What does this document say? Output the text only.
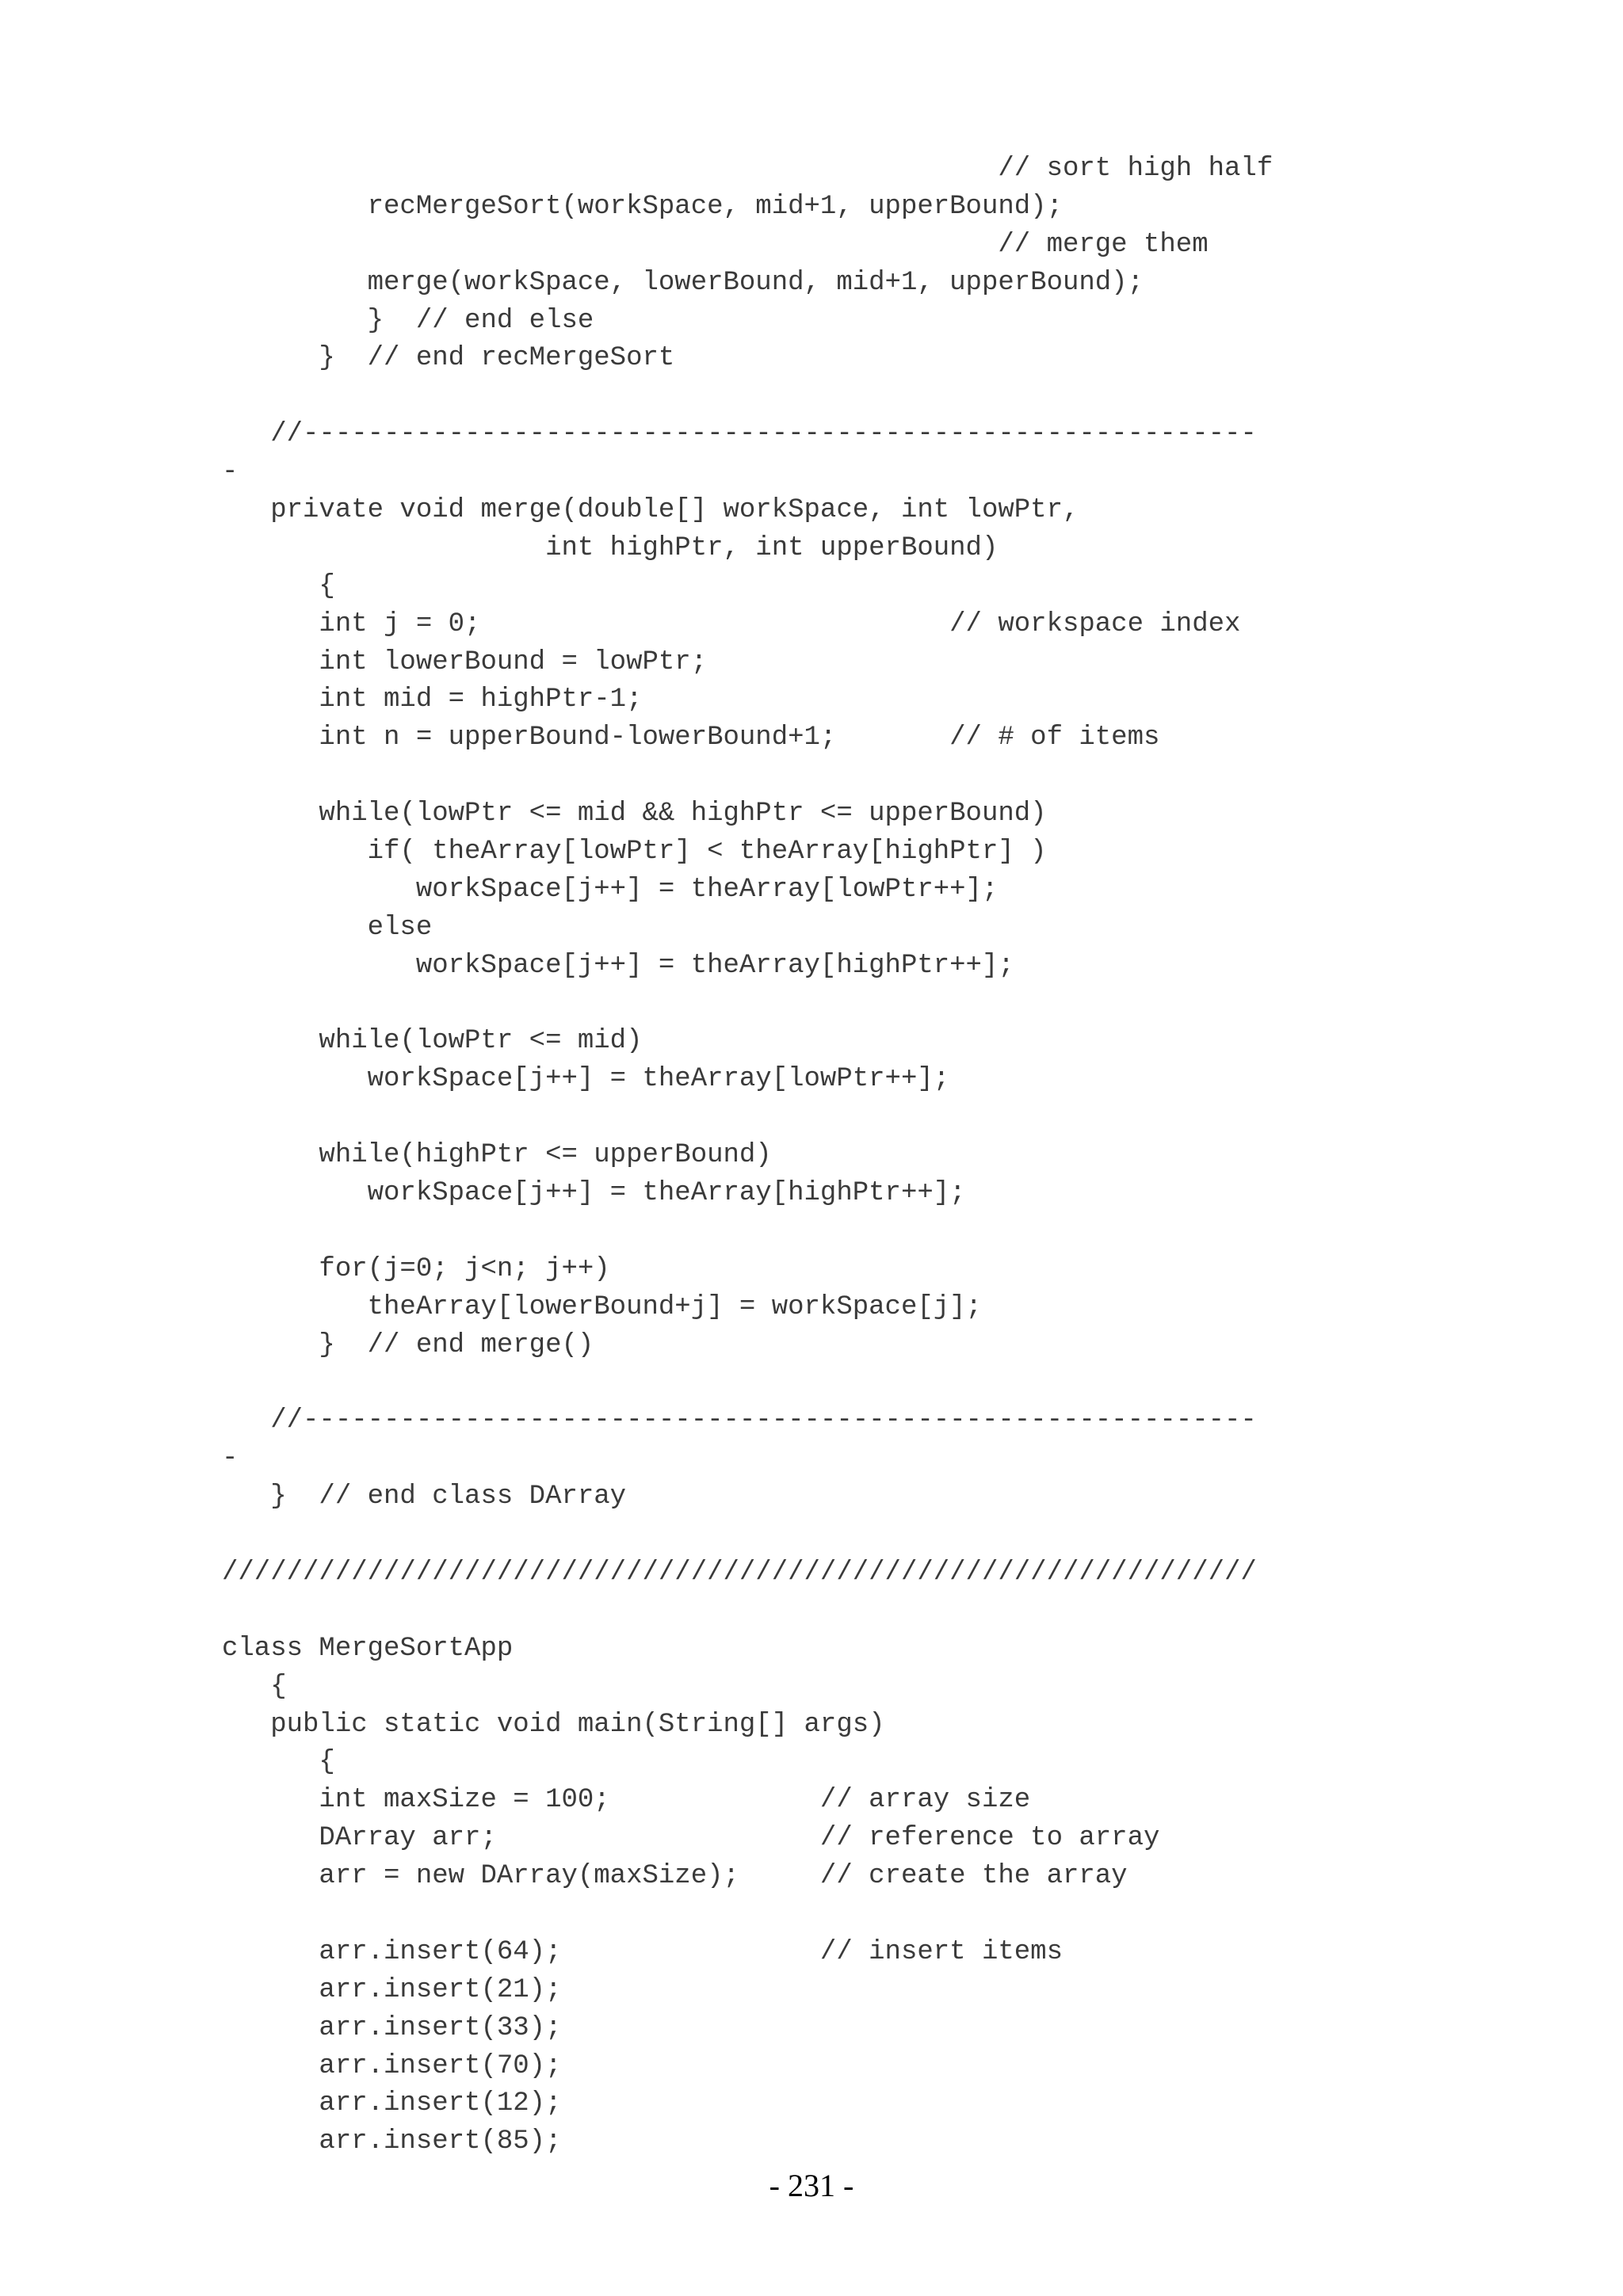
// sort high half
recMergeSort(workSpace, mid+1, upperBound);
// merge them
merge(workSpace, lowerBound, mid+1, upperBound);
}  // end else
}  // end recMergeSort

//-----------------------------------------------------------
-
private void merge(double[] workSpace, int lowPtr,
int highPtr, int upperBound)
{
int j = 0;                             // workspace index
int lowerBound = lowPtr;
int mid = highPtr-1;
int n = upperBound-lowerBound+1;       // # of items

while(lowPtr <= mid && highPtr <= upperBound)
if( theArray[lowPtr] < theArray[highPtr] )
workSpace[j++] = theArray[lowPtr++];
else
workSpace[j++] = theArray[highPtr++];

while(lowPtr <= mid)
workSpace[j++] = theArray[lowPtr++];

while(highPtr <= upperBound)
workSpace[j++] = theArray[highPtr++];

for(j=0; j<n; j++)
theArray[lowerBound+j] = workSpace[j];
}  // end merge()

//-----------------------------------------------------------
-
}  // end class DArray

////////////////////////////////////////////////////////////////

class MergeSortApp
{
public static void main(String[] args)
{
int maxSize = 100;             // array size
DArray arr;                    // reference to array
arr = new DArray(maxSize);     // create the array

arr.insert(64);                // insert items
arr.insert(21);
arr.insert(33);
arr.insert(70);
arr.insert(12);
arr.insert(85);
- 231 -
